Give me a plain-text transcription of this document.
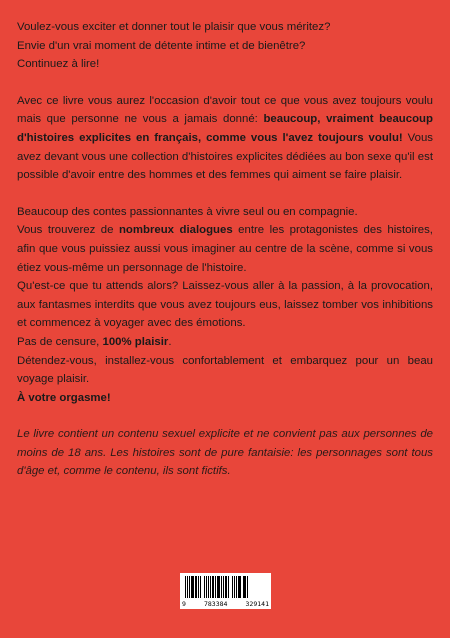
Voulez-vous exciter et donner tout le plaisir que vous méritez?
Envie d'un vrai moment de détente intime et de bienêtre?
Continuez à lire!

Avec ce livre vous aurez l'occasion d'avoir tout ce que vous avez toujours voulu mais que personne ne vous a jamais donné: beaucoup, vraiment beaucoup d'histoires explicites en français, comme vous l'avez toujours voulu! Vous avez devant vous une collection d'histoires explicites dédiées au bon sexe qu'il est possible d'avoir entre des hommes et des femmes qui aiment se faire plaisir.

Beaucoup des contes passionnantes à vivre seul ou en compagnie.

Vous trouverez de nombreux dialogues entre les protagonistes des histoires, afin que vous puissiez aussi vous imaginer au centre de la scène, comme si vous étiez vous-même un personnage de l'histoire.

Qu'est-ce que tu attends alors? Laissez-vous aller à la passion, à la provocation, aux fantasmes interdits que vous avez toujours eus, laissez tomber vos inhibitions et commencez à voyager avec des émotions.

Pas de censure, 100% plaisir.

Détendez-vous, installez-vous confortablement et embarquez pour un beau voyage plaisir.

À votre orgasme!

Le livre contient un contenu sexuel explicite et ne convient pas aux personnes de moins de 18 ans. Les histoires sont de pure fantaisie: les personnages sont tous d'âge et, comme le contenu, ils sont fictifs.

9	783384	329141
